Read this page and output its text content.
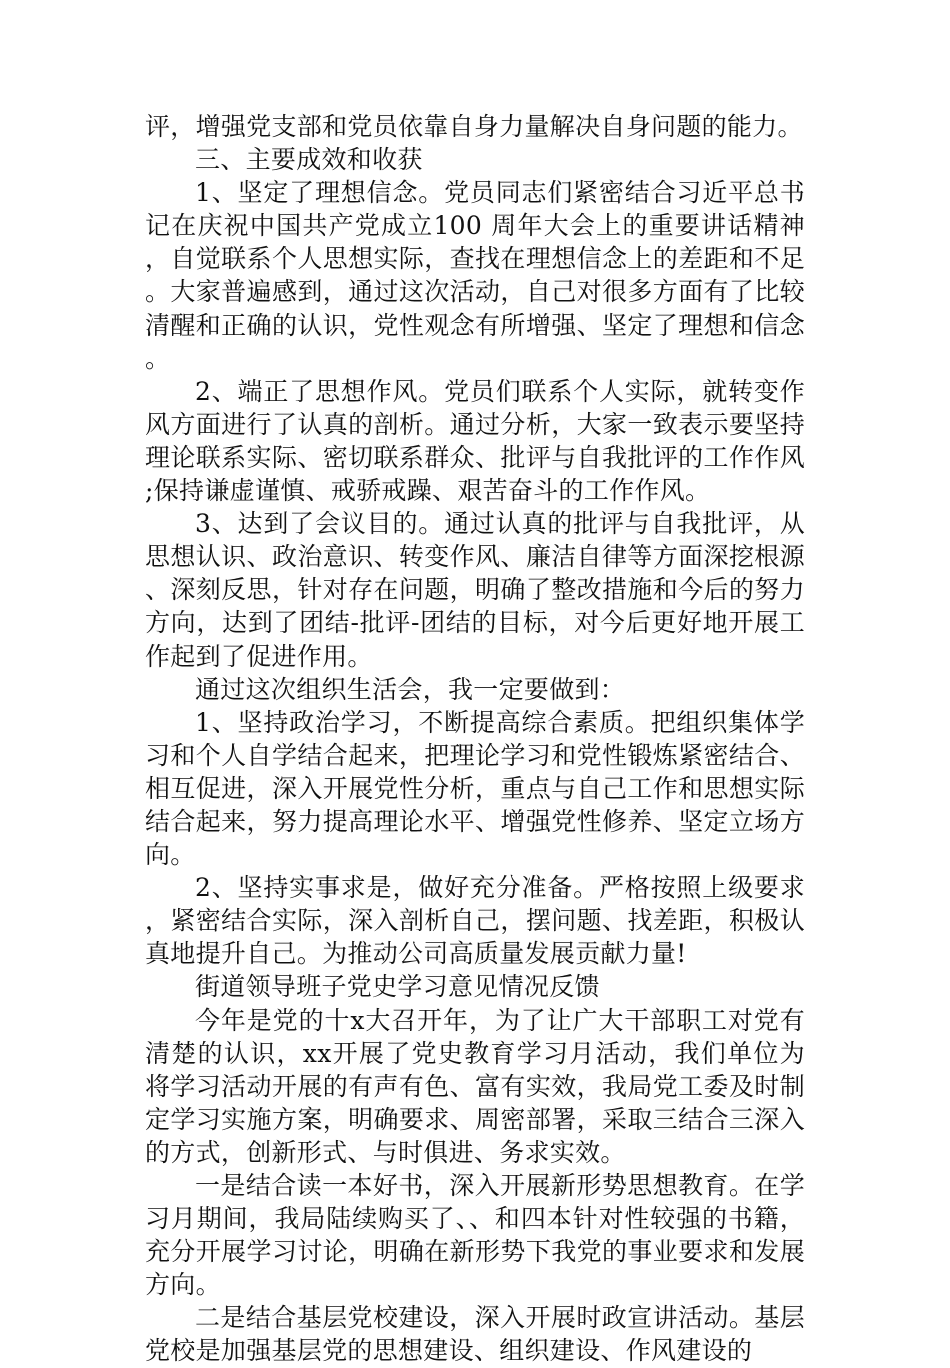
评，增强党支部和党员依靠自身力量解决自身问题的能力。

三、主要成效和收获

1、坚定了理想信念。党员同志们紧密结合习近平总书记在庆祝中国共产党成立100 周年大会上的重要讲话精神，自觉联系个人思想实际，查找在理想信念上的差距和不足。大家普遍感到，通过这次活动，自己对很多方面有了比较清醒和正确的认识，党性观念有所增强、坚定了理想和信念。

2、端正了思想作风。党员们联系个人实际，就转变作风方面进行了认真的剖析。通过分析，大家一致表示要坚持理论联系实际、密切联系群众、批评与自我批评的工作作风;保持谦虚谨慎、戒骄戒躁、艰苦奋斗的工作作风。

3、达到了会议目的。通过认真的批评与自我批评，从思想认识、政治意识、转变作风、廉洁自律等方面深挖根源、深刻反思，针对存在问题，明确了整改措施和今后的努力方向，达到了团结-批评-团结的目标，对今后更好地开展工作起到了促进作用。

通过这次组织生活会，我一定要做到：

1、坚持政治学习，不断提高综合素质。把组织集体学习和个人自学结合起来，把理论学习和党性锻炼紧密结合、相互促进，深入开展党性分析，重点与自己工作和思想实际结合起来，努力提高理论水平、增强党性修养、坚定立场方向。

2、坚持实事求是，做好充分准备。严格按照上级要求，紧密结合实际，深入剖析自己，摆问题、找差距，积极认真地提升自己。为推动公司高质量发展贡献力量!

街道领导班子党史学习意见情况反馈

今年是党的十x大召开年，为了让广大干部职工对党有清楚的认识，xx开展了党史教育学习月活动，我们单位为将学习活动开展的有声有色、富有实效，我局党工委及时制定学习实施方案，明确要求、周密部署，采取三结合三深入的方式，创新形式、与时俱进、务求实效。

一是结合读一本好书，深入开展新形势思想教育。在学习月期间，我局陆续购买了、、和四本针对性较强的书籍，充分开展学习讨论，明确在新形势下我党的事业要求和发展方向。

二是结合基层党校建设，深入开展时政宣讲活动。基层党校是加强基层党的思想建设、组织建设、作风建设的
